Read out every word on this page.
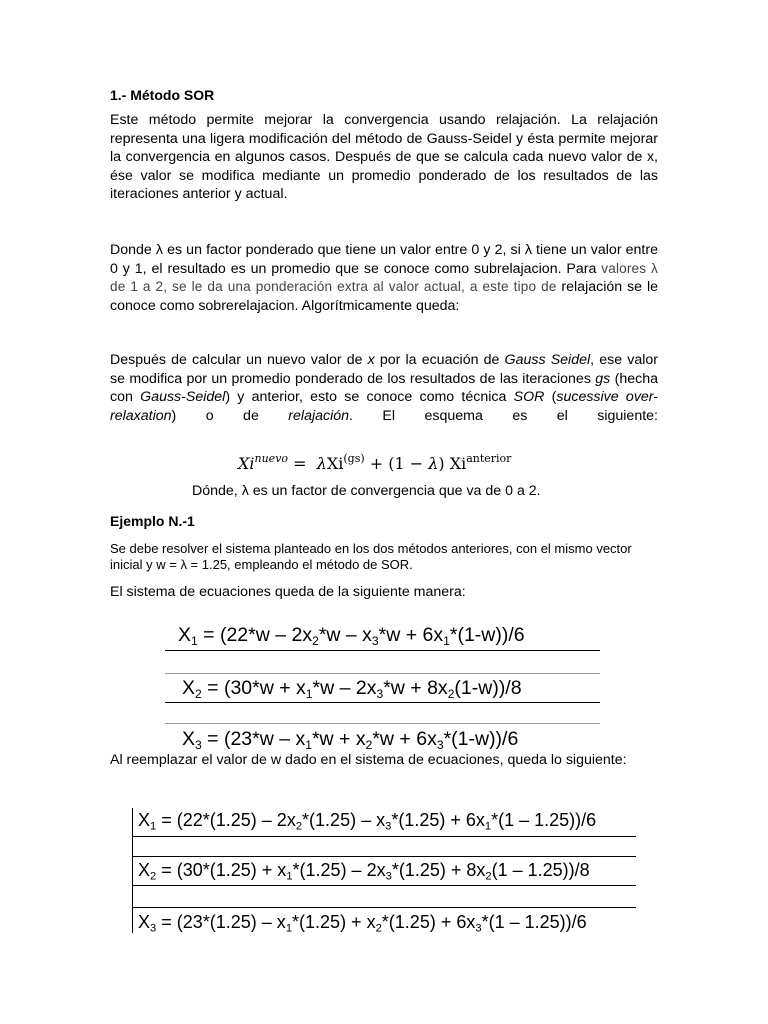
1.- Método SOR

Este método permite mejorar la convergencia usando relajación. La relajación representa una ligera modificación del método de Gauss-Seidel y ésta permite mejorar la convergencia en algunos casos. Después de que se calcula cada nuevo valor de x, ése valor se modifica mediante un promedio ponderado de los resultados de las iteraciones anterior y actual.

Donde λ es un factor ponderado que tiene un valor entre 0 y 2, si λ tiene un valor entre 0 y 1, el resultado es un promedio que se conoce como subrelajacion. Para valores λ de 1 a 2, se le da una ponderación extra al valor actual, a este tipo de relajación se le conoce como sobrerelajacion. Algorítmicamente queda:

Después de calcular un nuevo valor de x por la ecuación de Gauss Seidel, ese valor se modifica por un promedio ponderado de los resultados de las iteraciones gs (hecha con Gauss-Seidel) y anterior, esto se conoce como técnica SOR (sucessive over-relaxation) o de relajación. El esquema es el siguiente:

$Xi^{nuevo} = \lambda Xi^{(gs)} + (1 - \lambda)$ $Xi^{anterior}$
Dónde, λ es un factor de convergencia que va de 0 a 2.
Ejemplo N.-1

Se debe resolver el sistema planteado en los dos métodos anteriores, con el mismo vector inicial y w = λ = 1.25, empleando el método de SOR.

El sistema de ecuaciones queda de la siguiente manera:
$X_1 = (22*w - 2x_2*w - x_3*w + 6x_1*(1-w))/6$
$X_2 = (30*w + x_1*w - 2x_3*w + 8x_2(1-w))/8$
$X_3 = (23*w - x_1*w + x_2*w + 6x_3*(1-w))/6$

Al reemplazar el valor de w dado en el sistema de ecuaciones, queda lo siguiente:

$X_1 = (22*(1.25) - 2x_2*(1.25) - x_3*(1.25) + 6x_1*(1 - 1.25))/6$
$X_2 = (30*(1.25) + x_1*(1.25) - 2x_3*(1.25) + 8x_2(1 - 1.25))/8$
$X_3 = (23*(1.25) - x_1*(1.25) + x_2*(1.25) + 6x_3*(1 - 1.25))/6$
